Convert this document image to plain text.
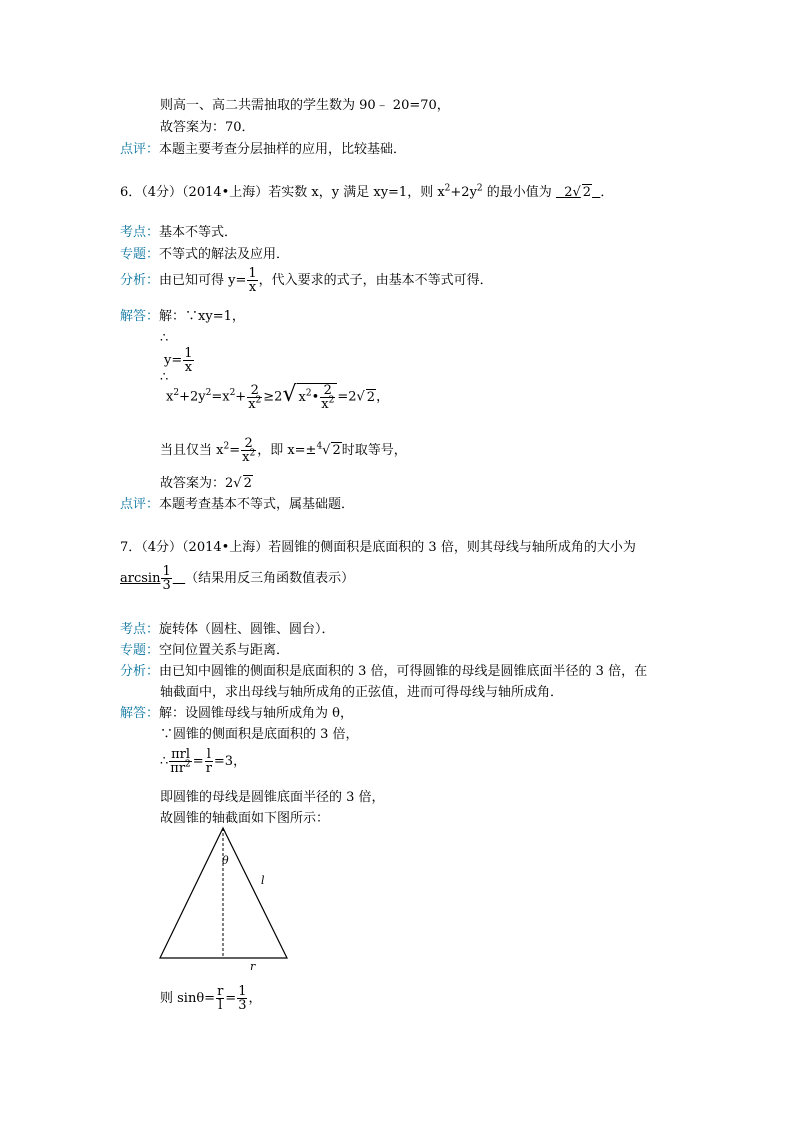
则高一、高二共需抽取的学生数为 90﹣ 20=70，
故答案为：70．
点评：本题主要考查分层抽样的应用，比较基础．
6．（4分）（2014•上海）若实数 x，y 满足 xy=1，则 $x^2+2y^2$ 的最小值为 2√ 2 ．
考点：基本不等式．
专题：不等式的解法及应用．
分析：由已知可得 $y= \frac{1}{x}$ ，代入要求的式子，由基本不等式可得．
解答：解：∵xy=1，
∴
$y= \frac{1}{x}$
∴
$x^2+2y^2=x^2+ \frac{2}{x^2} \ge 2√$ $x^2• \frac{2}{x^2} =2√$ 2，
当且仅当 $x^2= \frac{2}{x^2}$ ，即 x=±$^4$√ 2时取等号，
故答案为：2√ 2
点评：本题考查基本不等式，属基础题．
7．（4分）（2014•上海）若圆锥的侧面积是底面积的 3 倍，则其母线与轴所成角的大小为
$\arcsin \frac{1}{3}$ （结果用反三角函数值表示）
考点：旋转体（圆柱、圆锥、圆台）．
专题：空间位置关系与距离．
分析：由已知中圆锥的侧面积是底面积的 3 倍，可得圆锥的母线是圆锥底面半径的 3 倍，在
轴截面中，求出母线与轴所成角的正弦值，进而可得母线与轴所成角．
解答：解：设圆锥母线与轴所成角为 θ，
∵圆锥的侧面积是底面积的 3 倍，
∴ $\frac{\text{πrl}}{\pi r^2} = \frac{l}{r} =3$，
即圆锥的母线是圆锥底面半径的 3 倍，
故圆锥的轴截面如下图所示：
θ
l
r
则 $\sin\theta= \frac{r}{l} = \frac{1}{3}$ ，
